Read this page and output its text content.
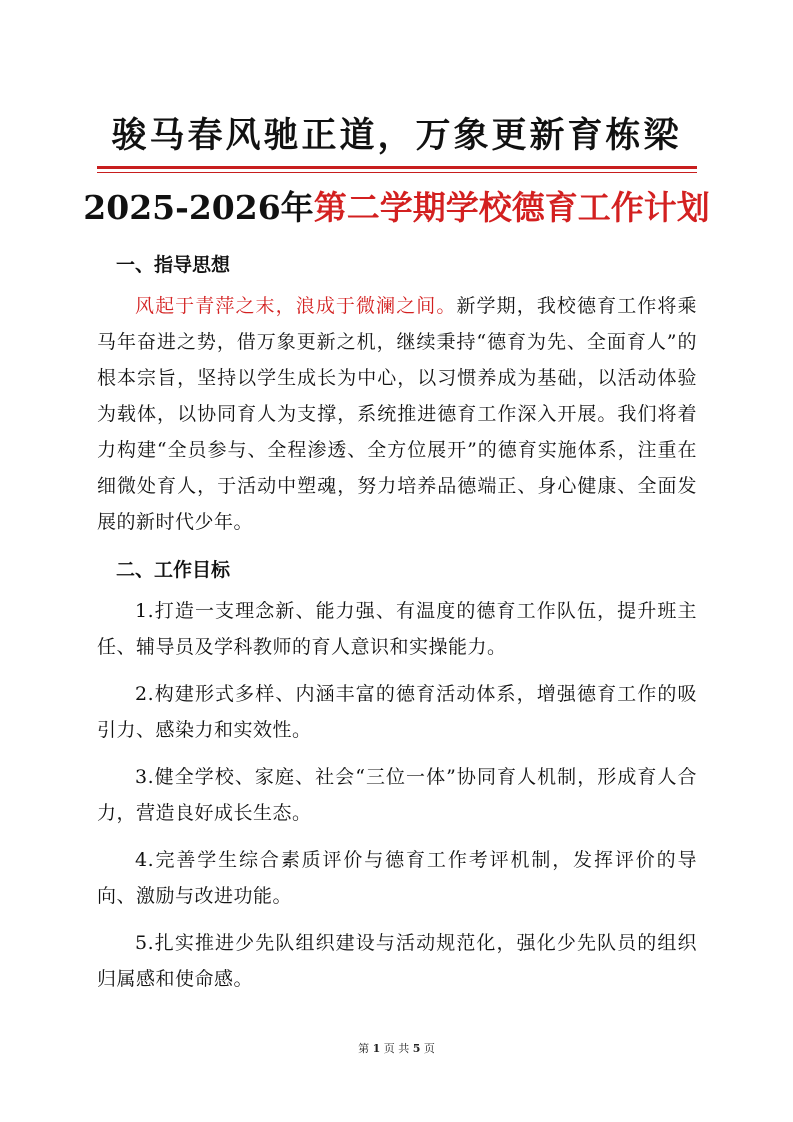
骏马春风驰正道，万象更新育栋梁
2025-2026年第二学期学校德育工作计划
一、指导思想

风起于青萍之末，浪成于微澜之间。新学期，我校德育工作将乘马年奋进之势，借万象更新之机，继续秉持“德育为先、全面育人”的根本宗旨，坚持以学生成长为中心，以习惯养成为基础，以活动体验为载体，以协同育人为支撑，系统推进德育工作深入开展。我们将着力构建“全员参与、全程渗透、全方位展开”的德育实施体系，注重在细微处育人，于活动中塑魂，努力培养品德端正、身心健康、全面发展的新时代少年。

二、工作目标

1.打造一支理念新、能力强、有温度的德育工作队伍，提升班主任、辅导员及学科教师的育人意识和实操能力。

2.构建形式多样、内涵丰富的德育活动体系，增强德育工作的吸引力、感染力和实效性。

3.健全学校、家庭、社会“三位一体”协同育人机制，形成育人合力，营造良好成长生态。

4.完善学生综合素质评价与德育工作考评机制，发挥评价的导向、激励与改进功能。

5.扎实推进少先队组织建设与活动规范化，强化少先队员的组织归属感和使命感。

第 1 页 共 5 页
